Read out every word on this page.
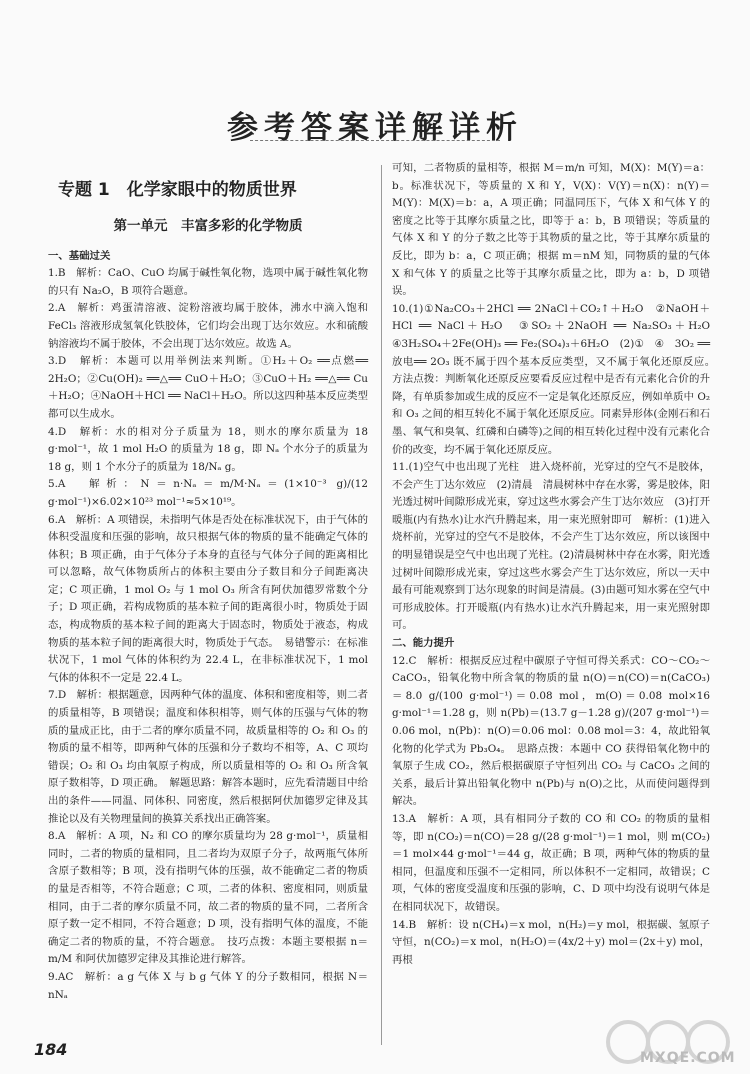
参考答案详解详析
专题 1　化学家眼中的物质世界
第一单元　丰富多彩的化学物质
一、基础过关

1.B　解析：CaO、CuO 均属于碱性氧化物，选项中属于碱性氧化物的只有 Na₂O，B 项符合题意。

2.A　解析：鸡蛋清溶液、淀粉溶液均属于胶体，沸水中滴入饱和 FeCl₃ 溶液形成氢氧化铁胶体，它们均会出现丁达尔效应。水和硫酸钠溶液均不属于胶体，不会出现丁达尔效应。故选 A。

3.D　解析：本题可以用举例法来判断。①H₂＋O₂ ══点燃══ 2H₂O；②Cu(OH)₂ ══△══ CuO＋H₂O；③CuO＋H₂ ══△══ Cu＋H₂O；④NaOH＋HCl ══ NaCl＋H₂O。所以这四种基本反应类型都可以生成水。

4.D　解析：水的相对分子质量为 18，则水的摩尔质量为 18 g·mol⁻¹，故 1 mol H₂O 的质量为 18 g，即 Nₐ 个水分子的质量为 18 g，则 1 个水分子的质量为 18/Nₐ g。

5.A　解析：N＝n·Nₐ＝m/M·Nₐ＝(1×10⁻³ g)/(12 g·mol⁻¹)×6.02×10²³ mol⁻¹≈5×10¹⁹。

6.A　解析：A 项错误，未指明气体是否处在标准状况下，由于气体的体积受温度和压强的影响，故只根据气体的物质的量不能确定气体的体积；B 项正确，由于气体分子本身的直径与气体分子间的距离相比可以忽略，故气体物质所占的体积主要由分子数目和分子间距离决定；C 项正确，1 mol O₂ 与 1 mol O₃ 所含有阿伏加德罗常数个分子；D 项正确，若构成物质的基本粒子间的距离很小时，物质处于固态，构成物质的基本粒子间的距离大于固态时，物质处于液态，构成物质的基本粒子间的距离很大时，物质处于气态。　易错警示：在标准状况下，1 mol 气体的体积约为 22.4 L，在非标准状况下，1 mol 气体的体积不一定是 22.4 L。

7.D　解析：根据题意，因两种气体的温度、体积和密度相等，则二者的质量相等，B 项错误；温度和体积相等，则气体的压强与气体的物质的量成正比，由于二者的摩尔质量不同，故质量相等的 O₂ 和 O₃ 的物质的量不相等，即两种气体的压强和分子数均不相等，A、C 项均错误；O₂ 和 O₃ 均由氧原子构成，所以质量相等的 O₂ 和 O₃ 所含氧原子数相等，D 项正确。　解题思路：解答本题时，应先看清题目中给出的条件——同温、同体积、同密度，然后根据阿伏加德罗定律及其推论以及有关物理量间的换算关系找出正确答案。

8.A　解析：A 项，N₂ 和 CO 的摩尔质量均为 28 g·mol⁻¹，质量相同时，二者的物质的量相同，且二者均为双原子分子，故两瓶气体所含原子数相等；B 项，没有指明气体的压强，故不能确定二者的物质的量是否相等，不符合题意；C 项，二者的体积、密度相同，则质量相同，由于二者的摩尔质量不同，故二者的物质的量不同，二者所含原子数一定不相同，不符合题意；D 项，没有指明气体的温度，不能确定二者的物质的量，不符合题意。　技巧点拨：本题主要根据 n＝m/M 和阿伏加德罗定律及其推论进行解答。

9.AC　解析：a g 气体 X 与 b g 气体 Y 的分子数相同，根据 N＝nNₐ

可知，二者物质的量相等，根据 M＝m/n 可知，M(X)：M(Y)＝a：b。标准状况下，等质量的 X 和 Y，V(X)：V(Y)＝n(X)：n(Y)＝M(Y)：M(X)＝b：a，A 项正确；同温同压下，气体 X 和气体 Y 的密度之比等于其摩尔质量之比，即等于 a：b，B 项错误；等质量的气体 X 和 Y 的分子数之比等于其物质的量之比，等于其摩尔质量的反比，即为 b：a，C 项正确；根据 m＝nM 知，同物质的量的气体 X 和气体 Y 的质量之比等于其摩尔质量之比，即为 a：b，D 项错误。

10.(1)①Na₂CO₃＋2HCl ══ 2NaCl＋CO₂↑＋H₂O　②NaOH＋HCl ══ NaCl＋H₂O　③SO₂＋2NaOH ══ Na₂SO₃＋H₂O　④3H₂SO₄＋2Fe(OH)₃ ══ Fe₂(SO₄)₃＋6H₂O　(2)①　④　3O₂ ══放电══ 2O₃ 既不属于四个基本反应类型，又不属于氧化还原反应。　方法点拨：判断氧化还原反应要看反应过程中是否有元素化合价的升降，有单质参加或生成的反应不一定是氧化还原反应，例如单质中 O₂ 和 O₃ 之间的相互转化不属于氧化还原反应。同素异形体(金刚石和石墨、氧气和臭氧、红磷和白磷等)之间的相互转化过程中没有元素化合价的改变，均不属于氧化还原反应。

11.(1)空气中也出现了光柱　进入烧杯前，光穿过的空气不是胶体，不会产生丁达尔效应　(2)清晨　清晨树林中存在水雾，雾是胶体，阳光透过树叶间隙形成光束，穿过这些水雾会产生丁达尔效应　(3)打开暖瓶(内有热水)让水汽升腾起来，用一束光照射即可　解析：(1)进入烧杯前，光穿过的空气不是胶体，不会产生丁达尔效应，所以该图中的明显错误是空气中也出现了光柱。(2)清晨树林中存在水雾，阳光透过树叶间隙形成光束，穿过这些水雾会产生丁达尔效应，所以一天中最有可能观察到丁达尔现象的时间是清晨。(3)由题可知水雾在空气中可形成胶体。打开暖瓶(内有热水)让水汽升腾起来，用一束光照射即可。

二、能力提升

12.C　解析：根据反应过程中碳原子守恒可得关系式：CO～CO₂～CaCO₃，铅氧化物中所含氧的物质的量 n(O)＝n(CO)＝n(CaCO₃)＝8.0 g/(100 g·mol⁻¹)＝0.08 mol，m(O)＝0.08 mol×16 g·mol⁻¹＝1.28 g，则 n(Pb)＝(13.7 g－1.28 g)/(207 g·mol⁻¹)＝0.06 mol，n(Pb)：n(O)＝0.06 mol：0.08 mol＝3：4，故此铅氧化物的化学式为 Pb₃O₄。　思路点拨：本题中 CO 获得铅氧化物中的氧原子生成 CO₂，然后根据碳原子守恒列出 CO₂ 与 CaCO₃ 之间的关系，最后计算出铅氧化物中 n(Pb)与 n(O)之比，从而使问题得到解决。

13.A　解析：A 项，具有相同分子数的 CO 和 CO₂ 的物质的量相等，即 n(CO₂)＝n(CO)＝28 g/(28 g·mol⁻¹)＝1 mol，则 m(CO₂)＝1 mol×44 g·mol⁻¹＝44 g，故正确；B 项，两种气体的物质的量相同，但温度和压强不一定相同，所以体积不一定相同，故错误；C 项，气体的密度受温度和压强的影响，C、D 项中均没有说明气体是在相同状况下，故错误。

14.B　解析：设 n(CH₄)＝x mol，n(H₂)＝y mol，根据碳、氢原子守恒，n(CO₂)＝x mol，n(H₂O)＝(4x/2＋y) mol＝(2x＋y) mol，再根

184	MXQE.COM
